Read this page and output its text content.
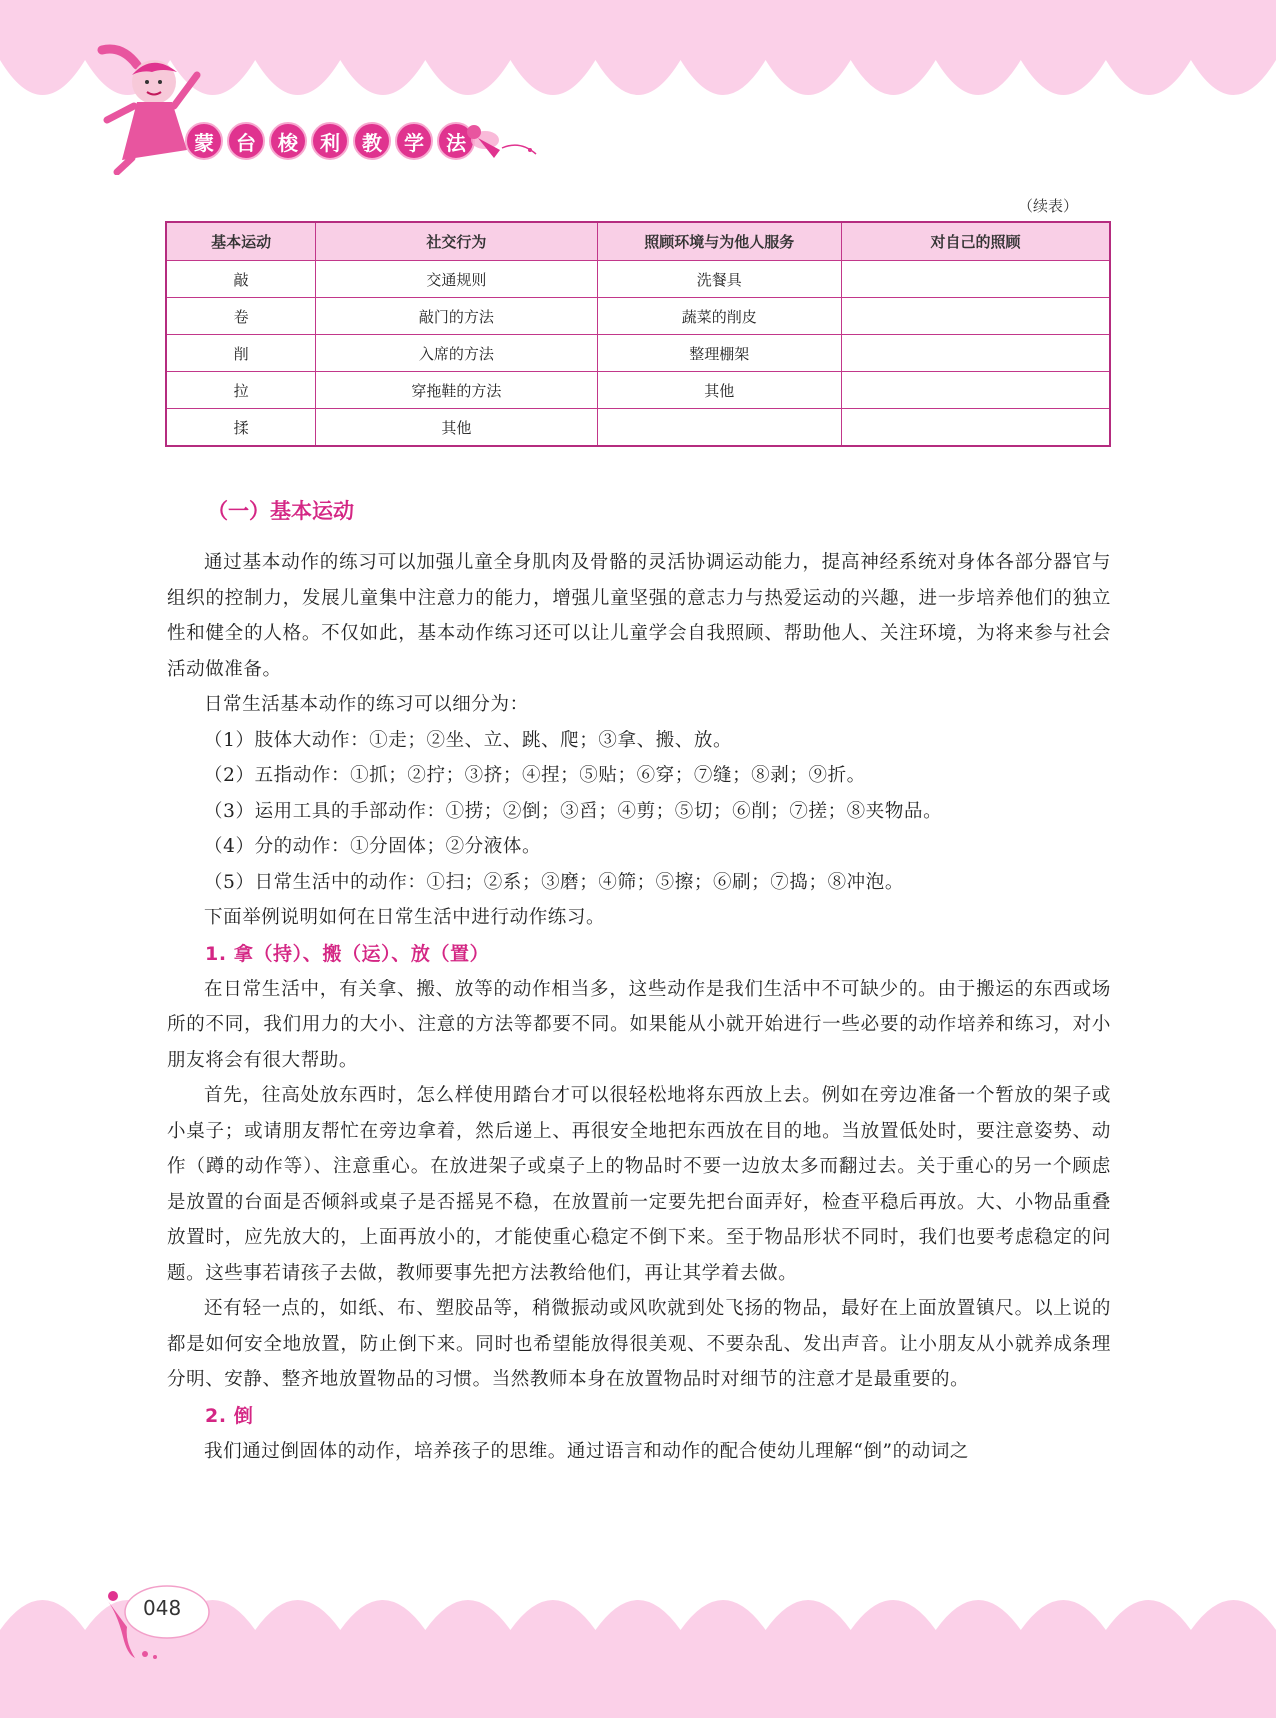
蒙	台	梭	利	教	学	法
（续表）
基本运动	社交行为	照顾环境与为他人服务	对自己的照顾
敲	交通规则	洗餐具	
卷	敲门的方法	蔬菜的削皮	
削	入席的方法	整理棚架	
拉	穿拖鞋的方法	其他	
揉	其他		
（一）基本运动

通过基本动作的练习可以加强儿童全身肌肉及骨骼的灵活协调运动能力，提高神经系统对身体各部分器官与组织的控制力，发展儿童集中注意力的能力，增强儿童坚强的意志力与热爱运动的兴趣，进一步培养他们的独立性和健全的人格。不仅如此，基本动作练习还可以让儿童学会自我照顾、帮助他人、关注环境，为将来参与社会活动做准备。

日常生活基本动作的练习可以细分为：

（1）肢体大动作：①走；②坐、立、跳、爬；③拿、搬、放。

（2）五指动作：①抓；②拧；③挤；④捏；⑤贴；⑥穿；⑦缝；⑧剥；⑨折。

（3）运用工具的手部动作：①捞；②倒；③舀；④剪；⑤切；⑥削；⑦搓；⑧夹物品。

（4）分的动作：①分固体；②分液体。

（5）日常生活中的动作：①扫；②系；③磨；④筛；⑤擦；⑥刷；⑦捣；⑧冲泡。

下面举例说明如何在日常生活中进行动作练习。

1. 拿（持）、搬（运）、放（置）

在日常生活中，有关拿、搬、放等的动作相当多，这些动作是我们生活中不可缺少的。由于搬运的东西或场所的不同，我们用力的大小、注意的方法等都要不同。如果能从小就开始进行一些必要的动作培养和练习，对小朋友将会有很大帮助。

首先，往高处放东西时，怎么样使用踏台才可以很轻松地将东西放上去。例如在旁边准备一个暂放的架子或小桌子；或请朋友帮忙在旁边拿着，然后递上、再很安全地把东西放在目的地。当放置低处时，要注意姿势、动作（蹲的动作等）、注意重心。在放进架子或桌子上的物品时不要一边放太多而翻过去。关于重心的另一个顾虑是放置的台面是否倾斜或桌子是否摇晃不稳，在放置前一定要先把台面弄好，检查平稳后再放。大、小物品重叠放置时，应先放大的，上面再放小的，才能使重心稳定不倒下来。至于物品形状不同时，我们也要考虑稳定的问题。这些事若请孩子去做，教师要事先把方法教给他们，再让其学着去做。

还有轻一点的，如纸、布、塑胶品等，稍微振动或风吹就到处飞扬的物品，最好在上面放置镇尺。以上说的都是如何安全地放置，防止倒下来。同时也希望能放得很美观、不要杂乱、发出声音。让小朋友从小就养成条理分明、安静、整齐地放置物品的习惯。当然教师本身在放置物品时对细节的注意才是最重要的。

2. 倒

我们通过倒固体的动作，培养孩子的思维。通过语言和动作的配合使幼儿理解“倒”的动词之

048
